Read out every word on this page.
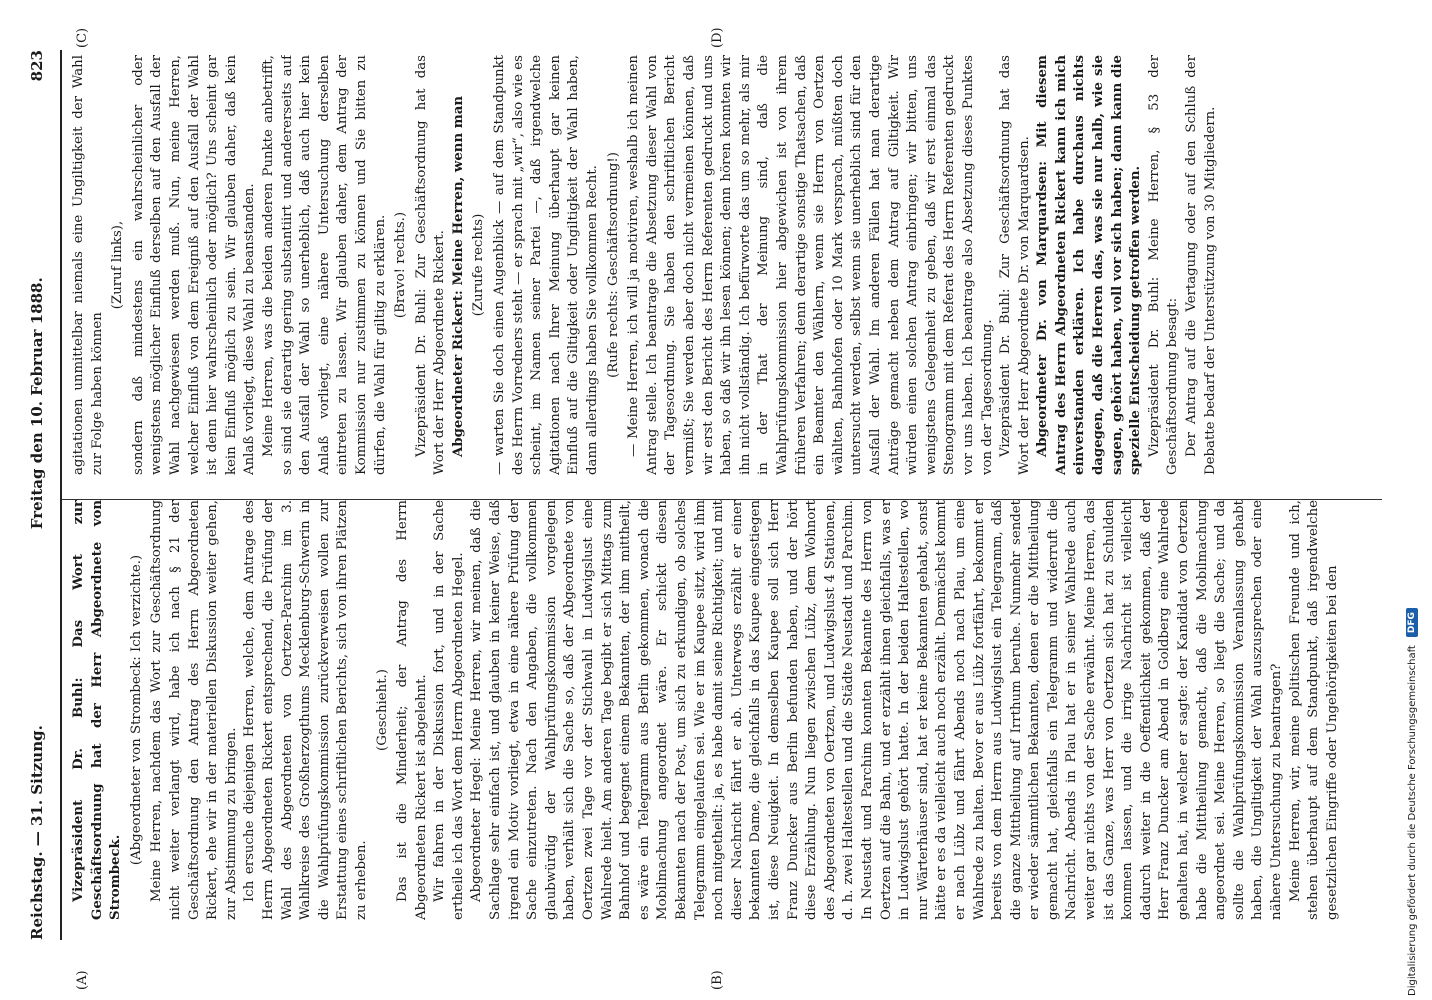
Reichstag. — 31. Sitzung.
Freitag den 10. Februar 1888.
823
(A)	(B)
(C)	(D)

Vizepräsident Dr. Buhl: Das Wort zur Geschäftsordnung hat der Herr Abgeordnete von Strombeck.

(Abgeordneter von Strombeck: Ich verzichte.) Meine Herren, nachdem das Wort zur Geschäftsordnung nicht weiter verlangt wird, habe ich nach § 21 der Geschäftsordnung den Antrag des Herrn Abgeordneten Rickert, ehe wir in der materiellen Diskussion weiter gehen, zur Abstimmung zu bringen. Ich ersuche diejenigen Herren, welche, dem Antrage des Herrn Abgeordneten Rickert entsprechend, die Prüfung der Wahl des Abgeordneten von Oertzen-Parchim im 3. Wahlkreise des Großherzogthums Mecklenburg-Schwerin in die Wahlprüfungskommission zurückverweisen wollen zur Erstattung eines schriftlichen Berichts, sich von ihren Plätzen zu erheben.

(Geschieht.) Das ist die Minderheit; der Antrag des Herrn Abgeordneten Rickert ist abgelehnt. Wir fahren in der Diskussion fort, und in der Sache ertheile ich das Wort dem Herrn Abgeordneten Hegel. Abgeordneter Hegel: Meine Herren, wir meinen, daß die Sachlage sehr einfach ist, und glauben in keiner Weise, daß irgend ein Motiv vorliegt, etwa in eine nähere Prüfung der Sache einzutreten. Nach den Angaben, die vollkommen glaubwürdig der Wahlprüfungskommission vorgelegen haben, verhält sich die Sache so, daß der Abgeordnete von Oertzen zwei Tage vor der Stichwahl in Ludwigslust eine Wahlrede hielt. Am anderen Tage begibt er sich Mittags zum Bahnhof und begegnet einem Bekannten, der ihm mittheilt, es wäre ein Telegramm aus Berlin gekommen, wonach die Mobilmachung angeordnet wäre. Er schickt diesen Bekannten nach der Post, um sich zu erkundigen, ob solches Telegramm eingelaufen sei. Wie er im Kaupee sitzt, wird ihm noch mitgetheilt: ja, es habe damit seine Richtigkeit; und mit dieser Nachricht fährt er ab. Unterwegs erzählt er einer bekannten Dame, die gleichfalls in das Kaupee eingestiegen ist, diese Neuigkeit. In demselben Kaupee soll sich Herr Franz Duncker aus Berlin befunden haben, und der hört diese Erzählung. Nun liegen zwischen Lübz, dem Wohnort des Abgeordneten von Oertzen, und Ludwigslust 4 Stationen, d. h. zwei Haltestellen und die Städte Neustadt und Parchim. In Neustadt und Parchim konnten Bekannte des Herrn von Oertzen auf die Bahn, und er erzählt ihnen gleichfalls, was er in Ludwigslust gehört hatte. In der beiden Haltestellen, wo nur Wärterhäuser sind, hat er keine Bekannten gehabt, sonst hätte er es da vielleicht auch noch erzählt. Demnächst kommt er nach Lübz und fährt Abends noch nach Plau, um eine Wahlrede zu halten. Bevor er aus Lübz fortfährt, bekommt er bereits von dem Herrn aus Ludwigslust ein Telegramm, daß die ganze Mittheilung auf Irrthum beruhe. Nunmehr sendet er wieder sämmtlichen Bekannten, denen er die Mittheilung gemacht hat, gleichfalls ein Telegramm und widerruft die Nachricht. Abends in Plau hat er in seiner Wahlrede auch weiter gar nichts von der Sache erwähnt. Meine Herren, das ist das Ganze, was Herr von Oertzen sich hat zu Schulden kommen lassen, und die irrige Nachricht ist vielleicht dadurch weiter in die Oeffentlichkeit gekommen, daß der Herr Franz Duncker am Abend in Goldberg eine Wahlrede gehalten hat, in welcher er sagte: der Kandidat von Oertzen habe die Mittheilung gemacht, daß die Mobilmachung angeordnet sei. Meine Herren, so liegt die Sache; und da sollte die Wahlprüfungskommission Veranlassung gehabt haben, die Ungiltigkeit der Wahl auszusprechen oder eine nähere Untersuchung zu beantragen? Meine Herren, wir, meine politischen Freunde und ich, stehen überhaupt auf dem Standpunkt, daß irgendwelche gesetzlichen Eingriffe oder Ungehörigkeiten bei den

agitationen unmittelbar niemals eine Ungiltigkeit der Wahl zur Folge haben können

(Zuruf links), sondern daß mindestens ein wahrscheinlicher oder wenigstens möglicher Einfluß derselben auf den Ausfall der Wahl nachgewiesen werden muß. Nun, meine Herren, welcher Einfluß von dem Ereigniß auf den Ausfall der Wahl ist denn hier wahrscheinlich oder möglich? Uns scheint gar kein Einfluß möglich zu sein. Wir glauben daher, daß kein Anlaß vorliegt, diese Wahl zu beanstanden. Meine Herren, was die beiden anderen Punkte anbetrifft, so sind sie derartig gering substantiirt und andererseits auf den Ausfall der Wahl so unerheblich, daß auch hier kein Anlaß vorliegt, eine nähere Untersuchung derselben eintreten zu lassen. Wir glauben daher, dem Antrag der Kommission nur zustimmen zu können und Sie bitten zu dürfen, die Wahl für giltig zu erklären. (Bravo! rechts.) Vizepräsident Dr. Buhl: Zur Geschäftsordnung hat das Wort der Herr Abgeordnete Rickert. Abgeordneter Rickert: Meine Herren, wenn man (Zurufe rechts) — warten Sie doch einen Augenblick — auf dem Standpunkt des Herrn Vorredners steht — er sprach mit „wir“, also wie es scheint, im Namen seiner Partei —, daß irgendwelche Agitationen nach Ihrer Meinung überhaupt gar keinen Einfluß auf die Giltigkeit oder Ungiltigkeit der Wahl haben, dann allerdings haben Sie vollkommen Recht. (Rufe rechts: Geschäftsordnung!) — Meine Herren, ich will ja motiviren, weshalb ich meinen Antrag stelle. Ich beantrage die Absetzung dieser Wahl von der Tagesordnung. Sie haben den schriftlichen Bericht vermißt; Sie werden aber doch nicht vermeinen können, daß wir erst den Bericht des Herrn Referenten gedruckt und uns haben, so daß wir ihn lesen können; denn hören konnten wir ihn nicht vollständig. Ich befürworte das um so mehr, als mir in der That der Meinung sind, daß die Wahlprüfungskommission hier abgewichen ist von ihrem früheren Verfahren; denn derartige sonstige Thatsachen, daß ein Beamter den Wählern, wenn sie Herrn von Oertzen wählten, Bahnhofen oder 10 Mark versprach, müßten doch untersucht werden, selbst wenn sie unerheblich sind für den Ausfall der Wahl. Im anderen Fällen hat man derartige Anträge gemacht neben dem Antrag auf Giltigkeit. Wir würden einen solchen Antrag einbringen; wir bitten, uns wenigstens Gelegenheit zu geben, daß wir erst einmal das Stenogramm mit dem Referat des Herrn Referenten gedruckt vor uns haben. Ich beantrage also Absetzung dieses Punktes von der Tagesordnung. Vizepräsident Dr. Buhl: Zur Geschäftsordnung hat das Wort der Herr Abgeordnete Dr. von Marquardsen. Abgeordneter Dr. von Marquardsen: Mit diesem Antrag des Herrn Abgeordneten Rickert kann ich mich einverstanden erklären. Ich habe durchaus nichts dagegen, daß die Herren das, was sie nur halb, wie sie sagen, gehört haben, voll vor sich haben; dann kann die spezielle Entscheidung getroffen werden. Vizepräsident Dr. Buhl: Meine Herren, § 53 der Geschäftsordnung besagt: Der Antrag auf die Vertagung oder auf den Schluß der Debatte bedarf der Unterstützung von 30 Mitgliedern.

Digitalisierung gefördert durch die Deutsche Forschungsgemeinschaft
DFG
